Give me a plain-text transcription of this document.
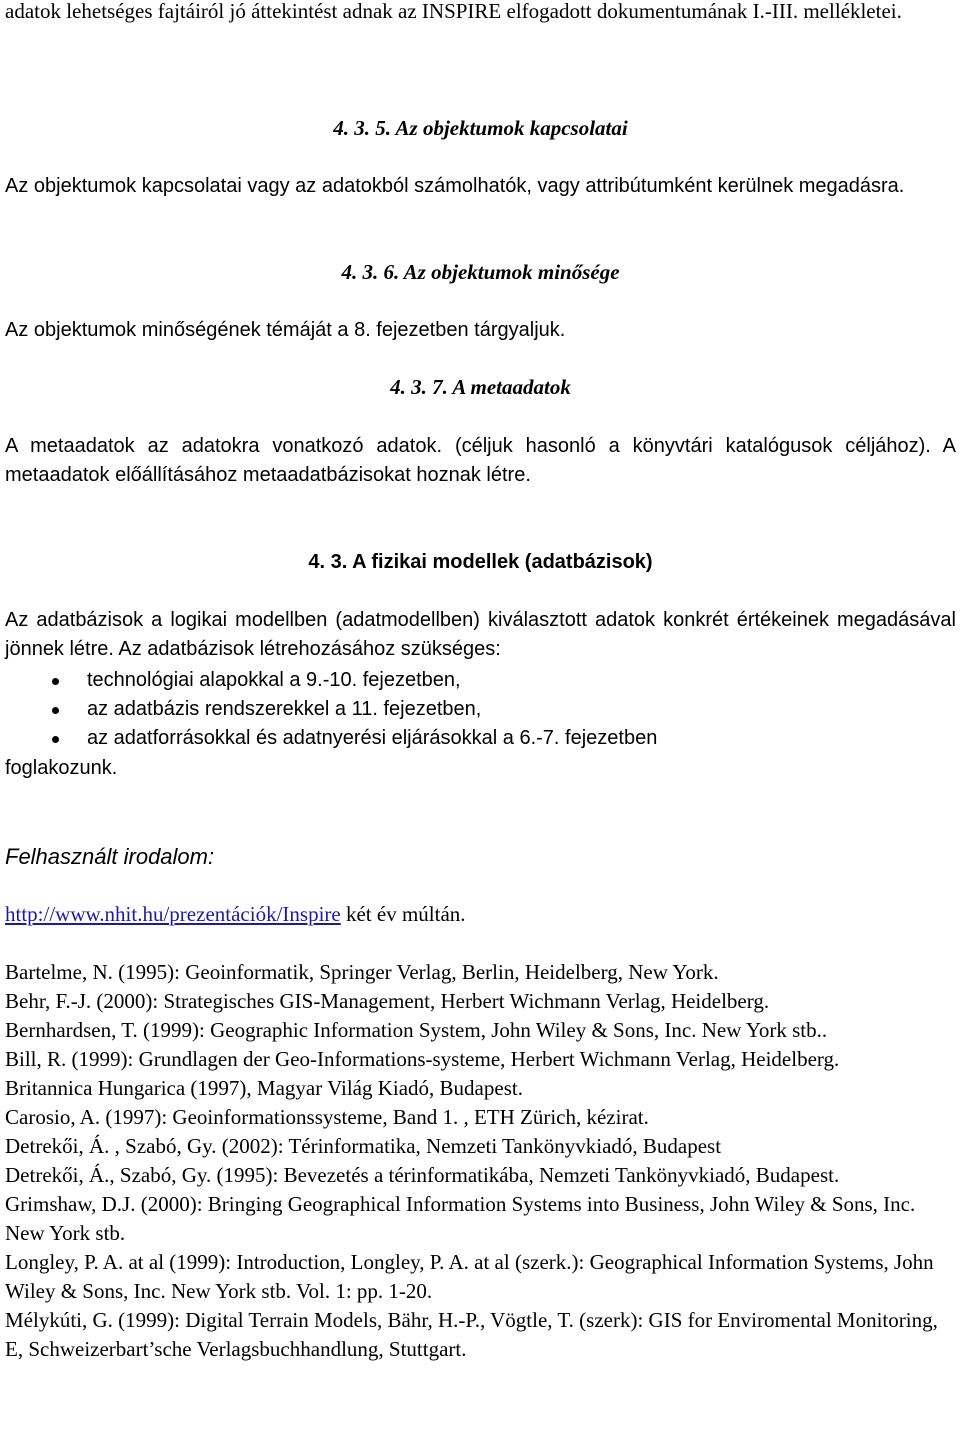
adatok lehetséges fajtáiról jó áttekintést adnak az INSPIRE elfogadott dokumentumának I.-III. mellékletei.

4. 3. 5. Az objektumok kapcsolatai

Az objektumok kapcsolatai vagy az adatokból számolhatók, vagy attribútumként kerülnek megadásra.

4. 3. 6. Az objektumok minősége

Az objektumok minőségének témáját a 8. fejezetben tárgyaljuk.

4. 3. 7. A metaadatok

A metaadatok az adatokra vonatkozó adatok. (céljuk hasonló a könyvtári katalógusok céljához). A metaadatok előállításához metaadatbázisokat hoznak létre.

4. 3. A fizikai modellek (adatbázisok)

Az adatbázisok a logikai modellben (adatmodellben) kiválasztott adatok konkrét értékeinek megadásával jönnek létre. Az adatbázisok létrehozásához szükséges:

technológiai alapokkal a 9.-10. fejezetben,
az adatbázis rendszerekkel a 11. fejezetben,
az adatforrásokkal és adatnyerési eljárásokkal a 6.-7. fejezetben

foglakozunk.

Felhasznált irodalom:

http://www.nhit.hu/prezentációk/Inspire két év múltán.

Bartelme, N. (1995): Geoinformatik, Springer Verlag, Berlin, Heidelberg, New York.

Behr, F.-J. (2000): Strategisches GIS-Management, Herbert Wichmann Verlag, Heidelberg.

Bernhardsen, T. (1999): Geographic Information System, John Wiley & Sons, Inc. New York stb..

Bill, R. (1999): Grundlagen der Geo-Informations-systeme, Herbert Wichmann Verlag, Heidelberg.

Britannica Hungarica (1997), Magyar Világ Kiadó, Budapest.

Carosio, A. (1997): Geoinformationssysteme, Band 1. , ETH Zürich, kézirat.

Detrekői, Á. , Szabó, Gy. (2002): Térinformatika, Nemzeti Tankönyvkiadó, Budapest

Detrekői, Á., Szabó, Gy. (1995): Bevezetés a térinformatikába, Nemzeti Tankönyvkiadó, Budapest.

Grimshaw, D.J. (2000): Bringing Geographical Information Systems into Business, John Wiley & Sons, Inc. New York stb.

Longley, P. A. at al (1999): Introduction, Longley, P. A. at al (szerk.): Geographical Information Systems, John Wiley & Sons, Inc. New York stb. Vol. 1: pp. 1-20.

Mélykúti, G. (1999): Digital Terrain Models, Bähr, H.-P., Vögtle, T. (szerk): GIS for Enviromental Monitoring, E, Schweizerbart’sche Verlagsbuchhandlung, Stuttgart.
